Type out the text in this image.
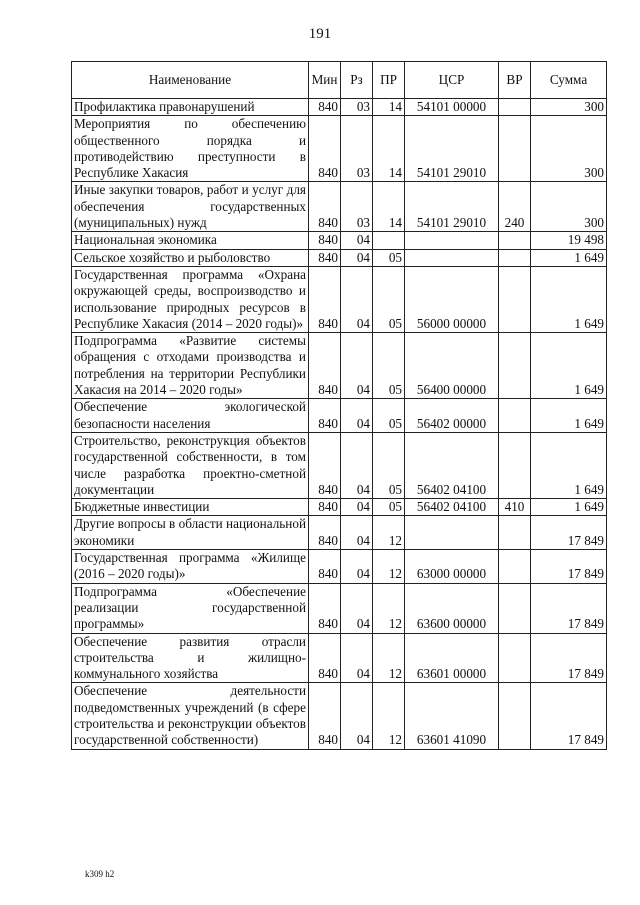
191
Наименование	Мин	Рз	ПР	ЦСР	ВР	Сумма
Профилактика правонарушений	840	03	14	54101 00000		300
Мероприятия по обеспечению общественного порядка и противодействию преступности в Республике Хакасия	840	03	14	54101 29010		300
Иные закупки товаров, работ и услуг для обеспечения государственных (муниципальных) нужд	840	03	14	54101 29010	240	300
Национальная экономика	840	04				19 498
Сельское хозяйство и рыболовство	840	04	05			1 649
Государственная программа «Охрана окружающей среды, воспроизводство и использование природных ресурсов в Республике Хакасия (2014 – 2020 годы)»	840	04	05	56000 00000		1 649
Подпрограмма «Развитие системы обращения с отходами производства и потребления на территории Республики Хакасия на 2014 – 2020 годы»	840	04	05	56400 00000		1 649
Обеспечение экологической безопасности населения	840	04	05	56402 00000		1 649
Строительство, реконструкция объектов государственной собственности, в том числе разработка проектно-сметной документации	840	04	05	56402 04100		1 649
Бюджетные инвестиции	840	04	05	56402 04100	410	1 649
Другие вопросы в области национальной экономики	840	04	12			17 849
Государственная программа «Жилище (2016 – 2020 годы)»	840	04	12	63000 00000		17 849
Подпрограмма «Обеспечение реализации государственной программы»	840	04	12	63600 00000		17 849
Обеспечение развития отрасли строительства и жилищно-коммунального хозяйства	840	04	12	63601 00000		17 849
Обеспечение деятельности подведомственных учреждений (в сфере строительства и реконструкции объектов государственной собственности)	840	04	12	63601 41090		17 849
k309 h2
